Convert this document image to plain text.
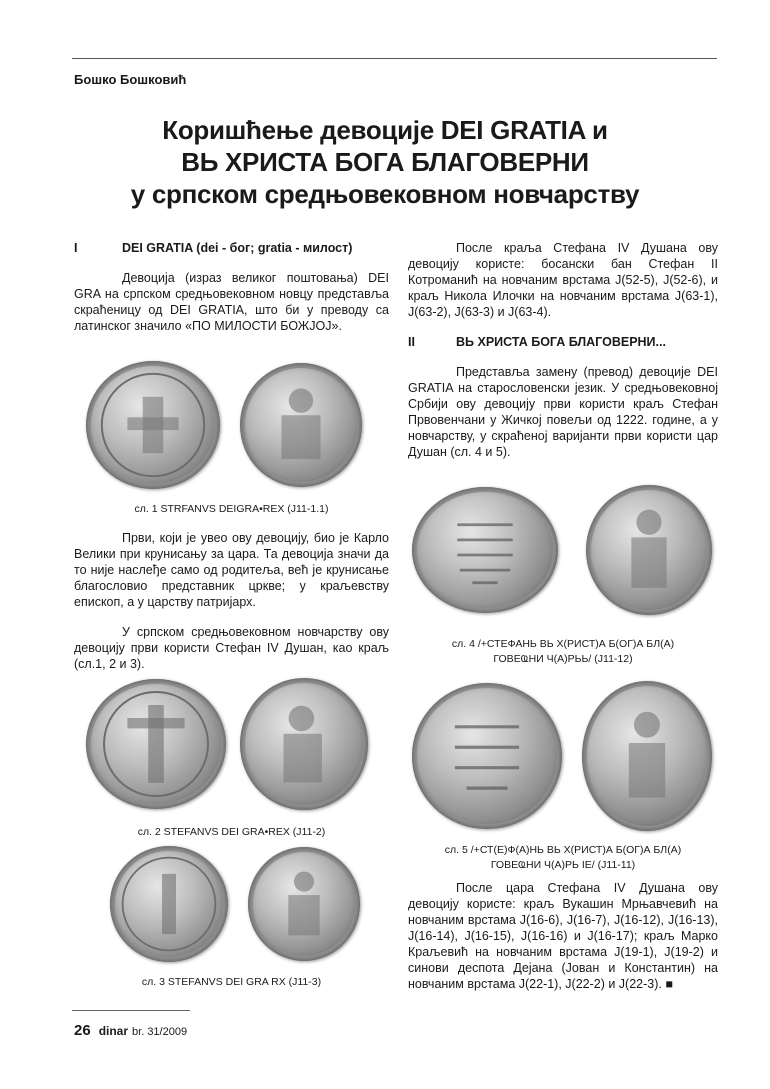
Бошко Бошковић
Коришћење девоције DEI GRATIA и
ВЬ ХРИСТА БОГА БЛАГОВЕРНИ
у српском средњовековном новчарству
I	DEI GRATIA (dei - бог; gratia - милост)

Девоција (израз великог поштовања) DEI GRA на српском средњовековном новцу представља скраћеницу од DEI GRATIA, што би у преводу са латинског значило «ПО МИЛОСТИ БОЖЈОЈ».

сл. 1 STRFANVS DEIGRA•REX (J11-1.1)

Први, који је увео ову девоцију, био је Карло Велики при крунисању за цара. Та девоција значи да то није наслеђе само од родитеља, већ је крунисање благословио представник цркве; у краљевству епископ, а у царству патријарх.

У српском средњовековном новчарству ову девоцију први користи Стефан IV Душан, као краљ (сл.1, 2 и 3).

сл. 2 STEFANVS DEI GRA•REX (J11-2)
сл. 3 STEFANVS DEI GRA RX (J11-3)

После краља Стефана IV Душана ову девоцију користе: босански бан Стефан II Котроманић на новчаним врстама J(52-5), J(52-6), и краљ Никола Илочки на новчаним врстама J(63-1), J(63-2), J(63-3) и J(63-4).

II	ВЬ ХРИСТА БОГА БЛАГОВЕРНИ...

Представља замену (превод) девоције DEI GRATIA на старословенски језик. У средњовековној Србији ову девоцију први користи краљ Стефан Првовенчани у Жичкој повељи од 1222. године, а у новчарству, у скраћеној варијанти први користи цар Душан (сл. 4 и 5).

сл. 4 /+СТЕФАНЬ ВЬ Х(РИСТ)А Б(ОГ)А БЛ(А)
ГОВЕҨНИ Ч(А)РЬЬ/ (J11-12)
сл. 5 /+СТ(Е)Ф(А)НЬ ВЬ Х(РИСТ)А Б(ОГ)А БЛ(А)
ГОВЕҨНИ Ч(А)РЬ IE/ (J11-11)

После цара Стефана IV Душана ову девоцију користе: краљ Вукашин Мрњавчевић на новчаним врстама J(16-6), J(16-7), J(16-12), J(16-13), J(16-14), J(16-15), J(16-16) и J(16-17); краљ Марко Краљевић на новчаним врстама J(19-1), J(19-2) и синови деспота Дејана (Јован и Константин) на новчаним врстама J(22-1), J(22-2) и J(22-3). ■

26 dinar br. 31/2009
